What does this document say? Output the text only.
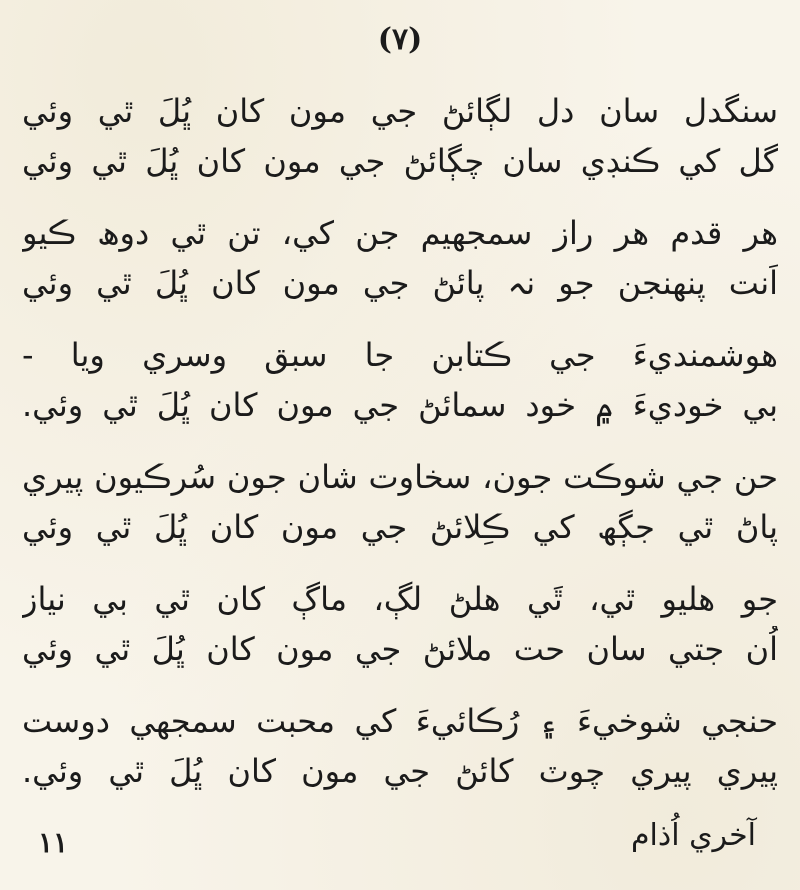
(٧)
سنگدل سان دل لڳائڻ جي مون کان ڀُلَ ٿي وئي
گل کي ڪنڊي سان چڳائڻ جي مون کان ڀُلَ ٿي وئي
هر قدم هر راز سمجهيم جن کي، تن ٿي دوھ ڪيو
اَنت پنهنجن جو نہ پائڻ جي مون کان ڀُلَ ٿي وئي
هوشمنديءَ جي ڪتابن جا سبق وسري ويا -
بي خوديءَ ۾ خود سمائڻ جي مون کان ڀُلَ ٿي وئي.
حن جي شوڪت جون، سخاوت شان جون سُرڪيون پيري
پاڻ ٿي جڳھ کي ڪِلائڻ جي مون کان ڀُلَ ٿي وئي
جو هليو ٿي، ٿَي هلڻ لڳ، ماڳ کان ٿي بي نياز
اُن جتي سان حت ملائڻ جي مون کان ڀُلَ ٿي وئي
حنجي شوخيءَ ۽ رُڪائيءَ کي محبت سمجهي دوست
پيري پيري چوٽ کائڻ جي مون کان ڀُلَ ٿي وئي.
۱۱	آخري اُذام
